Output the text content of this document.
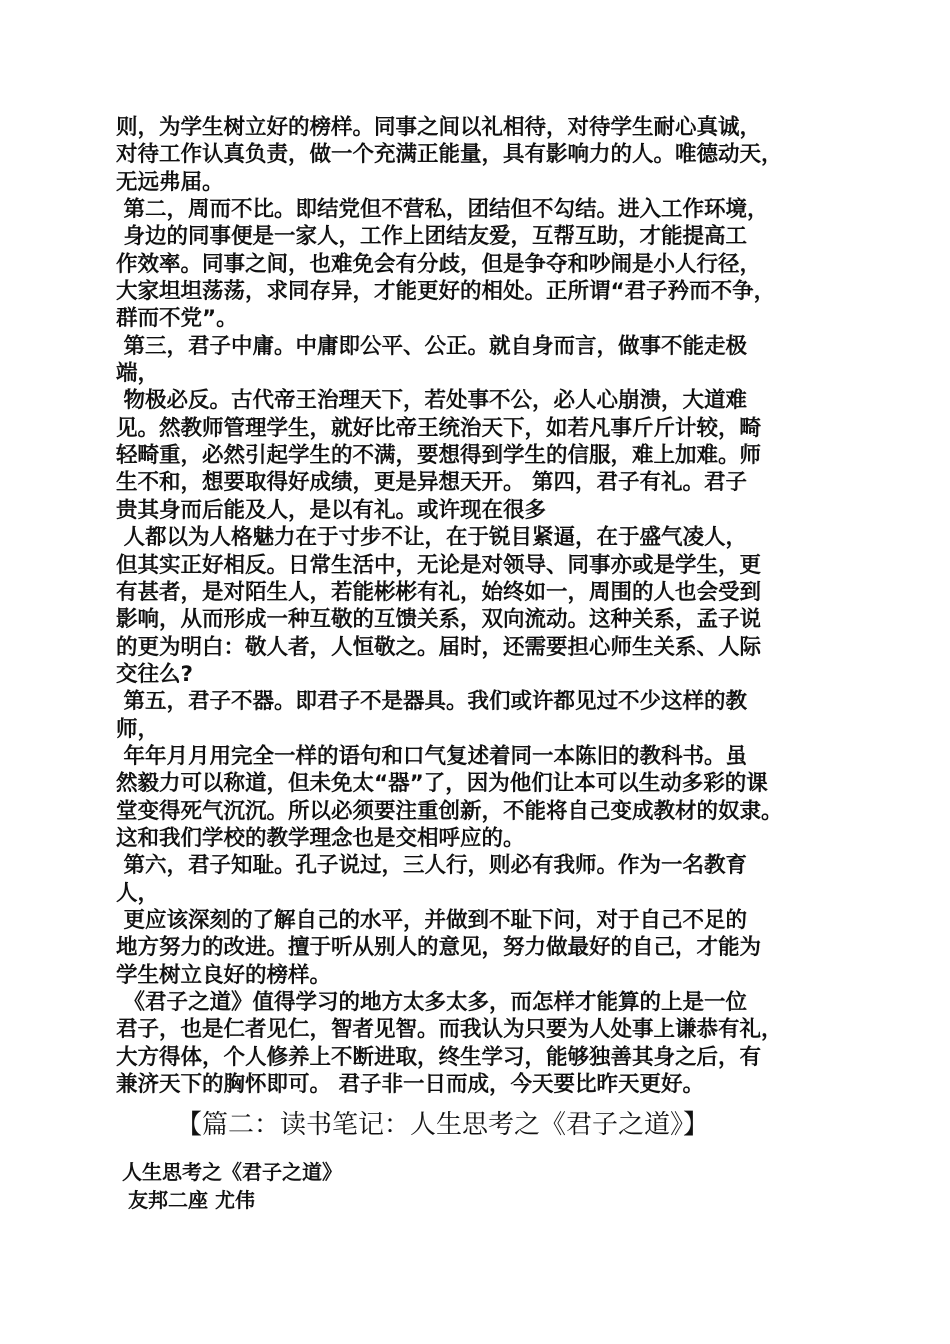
则，为学生树立好的榜样。同事之间以礼相待，对待学生耐心真诚，

对待工作认真负责，做一个充满正能量，具有影响力的人。唯德动天，

无远弗届。

第二，周而不比。即结党但不营私，团结但不勾结。进入工作环境，

身边的同事便是一家人，工作上团结友爱，互帮互助，才能提高工

作效率。同事之间，也难免会有分歧，但是争夺和吵闹是小人行径，

大家坦坦荡荡，求同存异，才能更好的相处。正所谓“君子矜而不争，

群而不党”。

第三，君子中庸。中庸即公平、公正。就自身而言，做事不能走极

端，

物极必反。古代帝王治理天下，若处事不公，必人心崩溃，大道难

见。然教师管理学生，就好比帝王统治天下，如若凡事斤斤计较，畸

轻畸重，必然引起学生的不满，要想得到学生的信服，难上加难。师

生不和，想要取得好成绩，更是异想天开。 第四，君子有礼。君子

贵其身而后能及人，是以有礼。或许现在很多

人都以为人格魅力在于寸步不让，在于锐目紧逼，在于盛气凌人，

但其实正好相反。日常生活中，无论是对领导、同事亦或是学生，更

有甚者，是对陌生人，若能彬彬有礼，始终如一，周围的人也会受到

影响，从而形成一种互敬的互馈关系，双向流动。这种关系，孟子说

的更为明白：敬人者，人恒敬之。届时，还需要担心师生关系、人际

交往么?

第五，君子不器。即君子不是器具。我们或许都见过不少这样的教

师，

年年月月用完全一样的语句和口气复述着同一本陈旧的教科书。虽

然毅力可以称道，但未免太“器”了，因为他们让本可以生动多彩的课

堂变得死气沉沉。所以必须要注重创新，不能将自己变成教材的奴隶。

这和我们学校的教学理念也是交相呼应的。

第六，君子知耻。孔子说过，三人行，则必有我师。作为一名教育

人，

更应该深刻的了解自己的水平，并做到不耻下问，对于自己不足的

地方努力的改进。擅于听从别人的意见，努力做最好的自己，才能为

学生树立良好的榜样。

《君子之道》值得学习的地方太多太多，而怎样才能算的上是一位

君子，也是仁者见仁，智者见智。而我认为只要为人处事上谦恭有礼，

大方得体，个人修养上不断进取，终生学习，能够独善其身之后，有

兼济天下的胸怀即可。 君子非一日而成，今天要比昨天更好。

【篇二：读书笔记：人生思考之《君子之道》】
人生思考之《君子之道》
友邦二座 尤伟
